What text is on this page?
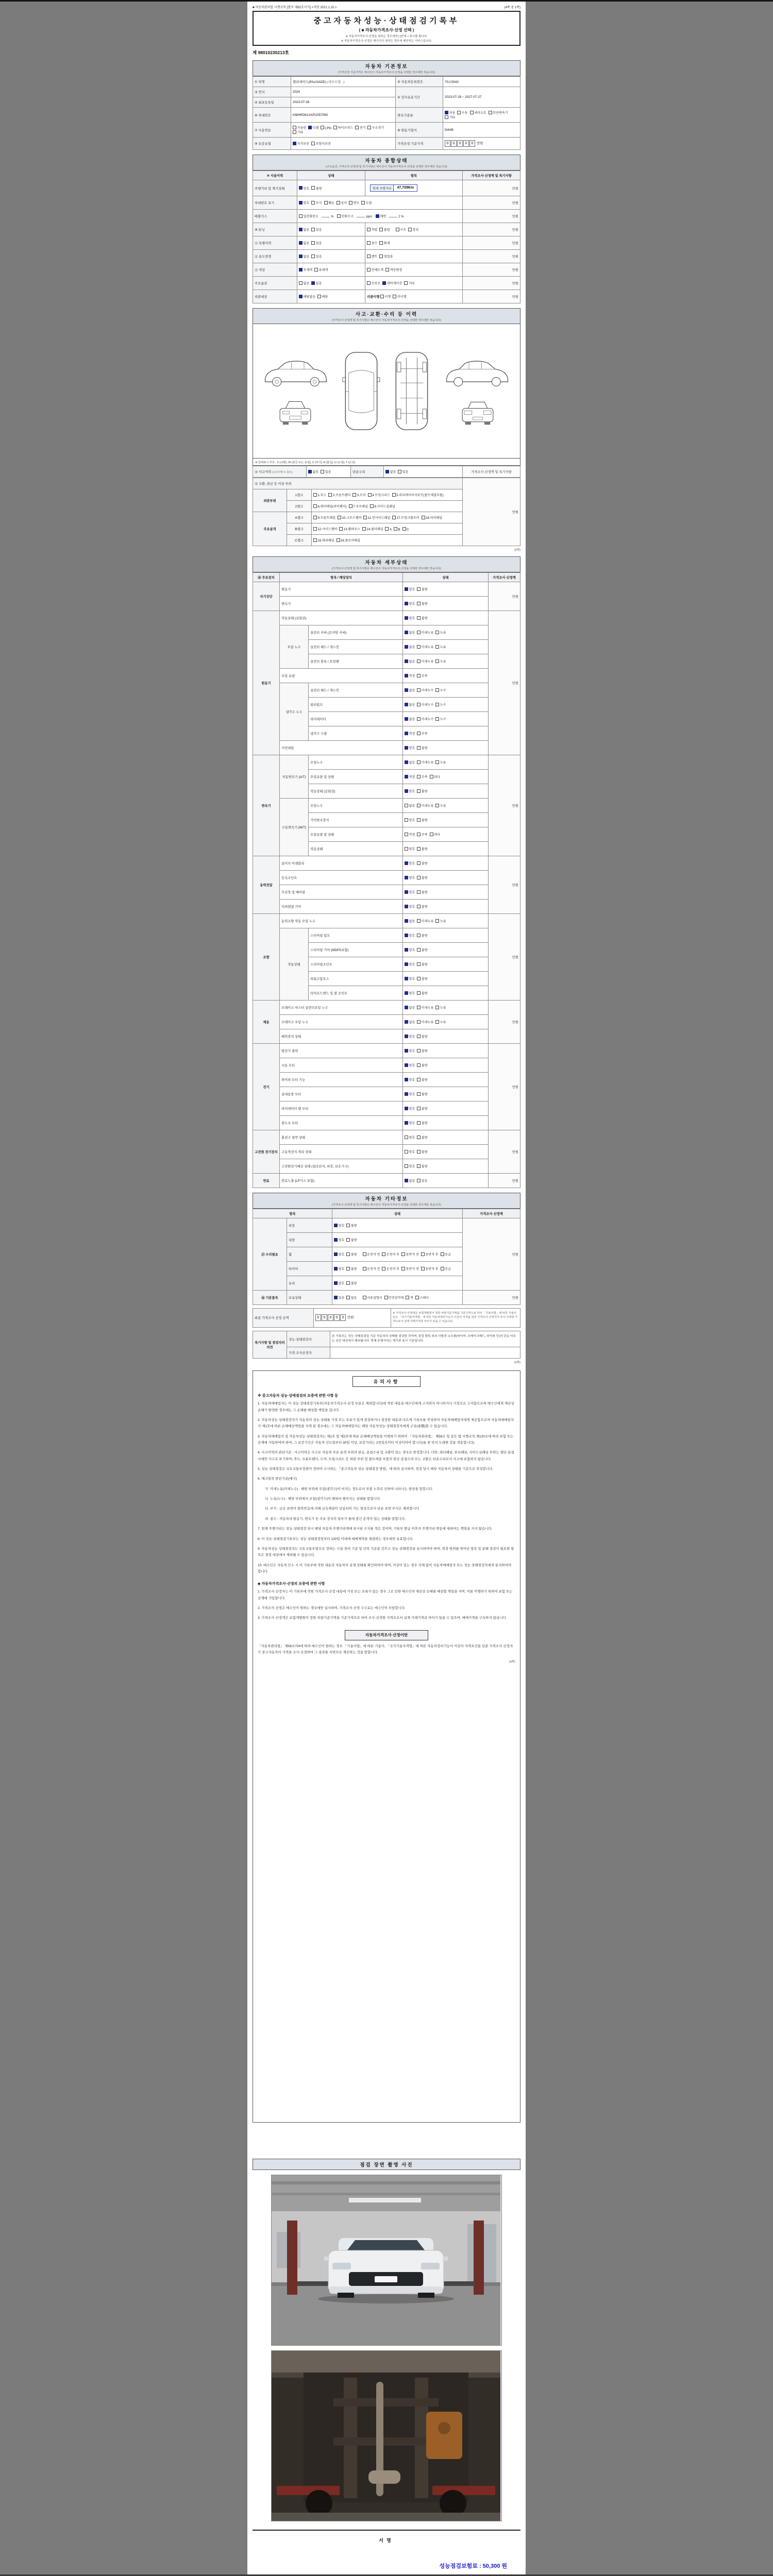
■ 자동차관리법 시행규칙 [별지 제82호서식] <개정 2021.1.10.>	(4쪽 중 1쪽)
중고자동차성능·상태점검기록부
( ■ 자동차가격조사·산정 선택 )
※ 자동차가격조사·산정을 원하는 경우에만 [ ]안에 √ 표시를 합니다.
※ 자동차가격조사·산정은 매수인이 원하는 경우에 제공하는 서비스입니다.
제 98010230213호
자동차 기본정보
(가격산정 기준가격은 매수인이 자동차가격조사·산정을 선택한 경우에만 적습니다)
① 차명	펠리세이드(PALISADE) (세부모델 : )	② 자동차등록번호	70소5042
③ 연식	2024	④ 검사유효기간	2023-07-28 ~ 2027-07-27
⑤ 최초등록일	2023-07-28		
⑥ 차대번호	KMHRD81AXPU057060	변속기종류	자동 수동 세미오토 무단변속기기타
⑦ 사용연료	가솔린 디젤 LPG 하이브리드 전기 수소전기기타	⑧ 원동기형식	D4HB
⑨ 보증유형	자가보증 보험사보증	가격산정 기준가격	0 0 0 0 0 만원
자동차 종합상태
(주요옵션, 가격조사·산정액 및 특기사항은 매수인이 자동차가격조사·산정을 선택한 경우에만 적습니다)
⑨ 사용이력	상태	항목	가격조사·산정액 및 특기사항
주행거리 및 계기상태	양호 불량	현재 주행거리 47,709Km	만원
차대번호 표기	양호 부식 훼손 상이 변조 도말		만원
배출가스	일산화탄소 % 탄화수소 ppm 매연 2 %		만원
⑩ 튜닝	없음 있음	적법 불법 구조 장치	만원
⑪ 특별이력	없음 있음	침수 화재	만원
⑫ 용도변경	없음 있음	렌트 영업용	만원
⑬ 색상	무채색 유채색	전체도색 색상변경	만원
주요옵션	없음 있음	선루프 네비게이션 기타	만원
리콜대상	해당없음 해당	리콜이행 이행 미이행	만원
사고·교환·수리 등 이력
(가격조사·산정액 및 특기사항은 매수인이 자동차가격조사·산정을 선택한 경우에만 적습니다)
※ 상태표시 부호 : X (교환), W (판금 또는 용접), C (부식), A (흠집), U (요철), T (손상)
⑭ 사고이력 (유의사항 4. 참조)	없음 있음	단순수리	없음 있음	가격조사·산정액 및 특기사항
⑮ 교환, 판금 등 이상 부위			만원
외판부위	1랭크	1.후드 2.프론트펜더 3.도어 4.트렁크리드 5.라디에이터서포트(볼트체결부품)	
	2랭크	6.쿼터패널(리어펜더) 7.루프패널 8.사이드실패널	
주요골격	A랭크	9.프론트패널 10.크로스멤버 11.인사이드패널 17.트렁크플로어 18.리어패널	
	B랭크	12.사이드멤버 13.휠하우스 14.필러패널 A B C	
	C랭크	15.대쉬패널 16.플로어패널	
(2쪽)
자동차 세부상태
(가격조사·산정액 및 특기사항은 매수인이 자동차가격조사·산정을 선택한 경우에만 적습니다)
⑯ 주요장치	항목 / 해당장치		상태	가격조사·산정액
자기진단	원동기		양호 불량	만원
	변속기		양호 불량	
원동기	작동상태 (공회전)		양호 불량	만원
	오일 누수	실린더 커버 (로커암 커버)	없음 미세누유 누유	
		실린더 헤드 / 개스킷	없음 미세누유 누유	
		실린더 블록 / 오일팬	없음 미세누유 누유	
	오일 유량		적정 부족	
	냉각수 누수	실린더 헤드 / 개스킷	없음 미세누수 누수	
		워터펌프	없음 미세누수 누수	
		라디에이터	없음 미세누수 누수	
		냉각수 수량	적정 부족	
	커먼레일		양호 불량	
변속기	자동변속기 (A/T)	오일누수	없음 미세누유 누유	만원
		오일유량 및 상태	적정 부족 과다	
		작동상태 (공회전)	양호 불량	
	수동변속기 (M/T)	오일누수	없음 미세누유 누유	
		기어변속장치	양호 불량	
		오일유량 및 상태	적정 부족 과다	
		작동상태	양호 불량	
동력전달	클러치 어셈블리		양호 불량	만원
	등속조인트		양호 불량	
	추진축 및 베어링		양호 불량	
	디퍼렌셜 기어		양호 불량	
조향	동력조향 작동 오일 누수		없음 미세누유 누유	만원
	작동상태	스티어링 펌프	양호 불량	
		스티어링 기어 (MDPS포함)	양호 불량	
		스티어링조인트	양호 불량	
		파워고압호스	양호 불량	
		타이로드엔드 및 볼 조인트	양호 불량	
제동	브레이크 마스터 실린더오일 누수		없음 미세누유 누유	만원
	브레이크 오일 누수		없음 미세누유 누유	
	배력장치 상태		양호 불량	
전기	발전기 출력		양호 불량	만원
	시동 모터		양호 불량	
	와이퍼 모터 기능		양호 불량	
	실내송풍 모터		양호 불량	
	라디에이터 팬 모터		양호 불량	
	윈도우 모터		양호 불량	
고전원 전기장치	충전구 절연 상태		양호 불량	만원
	구동축전지 격리 상태		양호 불량	
	고전원전기배선 상태 (접속단자, 피복, 보호기구)		양호 불량	
연료	연료누출 (LP가스 포함)		없음 있음	만원
자동차 기타정보
(가격조사·산정액 및 특기사항은 매수인이 자동차가격조사·산정을 선택한 경우에만 적습니다)
항목		상태	가격조사·산정액
⑰ 수리필요	외장	양호 불량	만원
	내장	양호 불량	
	휠	양호 불량 운전석 전 운전석 후 동반석 전 동반석 후 응급	
	타이어	양호 불량 운전석 전 운전석 후 동반석 전 동반석 후 응급	
	유리	양호 불량	
⑱ 기본품목	보유상태	있음 없음 사용설명서 안전삼각대 잭 스패너	만원
최종 가격조사·산정 금액	0 0 0 0 0 만원	※ 가격조사·산정액은 보험개발원이 정한 차량기준가액을 기준가격으로 하여 「기술사법」에 따른 기술사 또는 「국가기술자격법」에 따른 자동차정비기능사 이상의 자격을 갖춘 가격조사·산정자가 조사·산정한 가격으로서 실제 거래가격과 차이가 있을 수 있습니다.
특기사항 및 점검자의 의견	성능·상태점검자	본 기록부는 성능·상태점검일 기준 자동차의 상태를 점검한 것이며, 점검 항목 외의 사항과 소모품(타이어, 브레이크패드, 와이퍼 등)의 단순 마모는 보증 대상에서 제외됩니다. 현재 주행거리는 계기판 표시 기준입니다.
	가격·조사산정자	
(3쪽)
유의사항
※ 중고자동차 성능·상태점검의 보증에 관한 사항 등

1. 자동차매매업자는 이 성능·상태점검기록부(자동차가격조사·산정 부분은 제외합니다)에 적힌 내용을 매수인에게 고지하지 아니하거나 거짓으로 고지함으로써 매수인에게 재산상 손해가 발생한 경우에는 그 손해를 배상할 책임을 집니다.

2. 자동차성능·상태점검자가 자동차의 성능·상태를 거짓 또는 오류가 있게 점검하거나 점검한 내용과 다르게 기록부를 작성하여 자동차매매업자에게 제공함으로써 자동차매매업자가 제1호에 따른 손해배상책임을 지게 된 경우에는 그 자동차매매업자는 해당 자동차성능·상태점검자에게 구상(求償)할 수 있습니다.

3. 자동차매매업자 및 자동차성능·상태점검자는 제1호 및 제2호에 따른 손해배상책임을 이행하기 위하여 「자동차관리법」 제58조 및 같은 법 시행규칙 제120조에 따라 보험 또는 공제에 가입하여야 하며, 그 보증기간은 자동차 인도일부터 30일 이상, 보증거리는 2천킬로미터 이상이어야 합니다(둘 중 먼저 도래한 것을 적용합니다).

4. 사고이력의 판단기준 : 사고이력은 사고로 자동차 주요 골격 부위의 판금, 용접수리 및 교환이 있는 경우로 한정합니다. 다만, 쿼터패널, 루프패널, 사이드실패널 부위는 절단·용접 시에만 사고로 표기하며, 후드, 프론트펜더, 도어, 트렁크리드 등 외판 부위 및 볼트체결 부품의 판금·용접수리 또는 교환은 단순수리로서 사고에 포함하지 않습니다.

5. 성능·상태점검은 국토교통부장관이 정하여 고시하는 「중고자동차 성능·상태점검 방법」에 따라 실시하며, 점검 당시 해당 자동차의 상태를 기준으로 작성합니다.

6. 체크항목 판단기준(예시)

가. 미세누유(미세누수) : 해당 부위에 오일(냉각수)이 비치는 정도로서 부품 노후로 인하여 나타나는 현상을 말합니다.

나. 누유(누수) : 해당 부위에서 오일(냉각수)이 맺혀서 떨어지는 상태를 말합니다.

다. 부식 : 금속 표면이 화학반응에 의해 금속재질이 상실되어 가는 현상으로서 단순 표면 부식은 제외합니다.

라. 침수 : 자동차의 원동기, 변속기 등 주요 장치의 일부가 물에 잠긴 흔적이 있는 상태를 말합니다.

7. 현재 주행거리는 성능·상태점검 당시 해당 자동차 주행거리계에 표시된 수치를 적은 것이며, 기록부 발급 이후의 주행거리 변동에 대하여는 책임을 지지 않습니다.

8. 이 성능·상태점검기록부는 성능·상태점검일부터 120일 이내에 매매계약을 체결하는 경우에만 유효합니다.

9. 자동차성능·상태점검자는 국토교통부령으로 정하는 시설·장비 기준 및 인력 기준을 갖추고 성능·상태점검을 실시하여야 하며, 점검 범위를 벗어난 항목 및 분해 점검이 필요한 항목은 점검 대상에서 제외될 수 있습니다.

10. 매수인은 자동차 인수 시 이 기록부에 적힌 내용과 자동차의 실제 상태를 확인하여야 하며, 이상이 있는 경우 지체 없이 자동차매매업자 또는 성능·상태점검자에게 통지하여야 합니다.

◆ 자동차가격조사·산정의 보증에 관한 사항

1. 가격조사·산정자는 이 기록부에 적힌 가격조사·산정 내용에 거짓 또는 오류가 있는 경우 그로 인한 매수인의 재산상 손해를 배상할 책임을 지며, 이를 이행하기 위하여 보험 또는 공제에 가입합니다.

2. 가격조사·산정은 매수인이 원하는 경우에만 실시하며, 가격조사·산정 수수료는 매수인이 부담합니다.

3. 가격조사·산정액은 보험개발원이 정한 차량기준가액을 기준가격으로 하여 조사·산정한 가격으로서 실제 거래가격과 차이가 있을 수 있으며, 매매가격을 구속하지 않습니다.

자동차가격조사·산정이란

「자동차관리법」 제58조의4에 따라 매수인이 원하는 경우 「기술사법」에 따른 기술사, 「국가기술자격법」에 따른 자동차정비기능사 이상의 자격요건을 갖춘 가격조사·산정자가 중고자동차의 가격을 조사·산정하여 그 결과를 서면으로 제공하는 것을 말합니다.

(4쪽)
점검 장면 촬영 사진
서명
성능점검보험료 : 50,300 원
